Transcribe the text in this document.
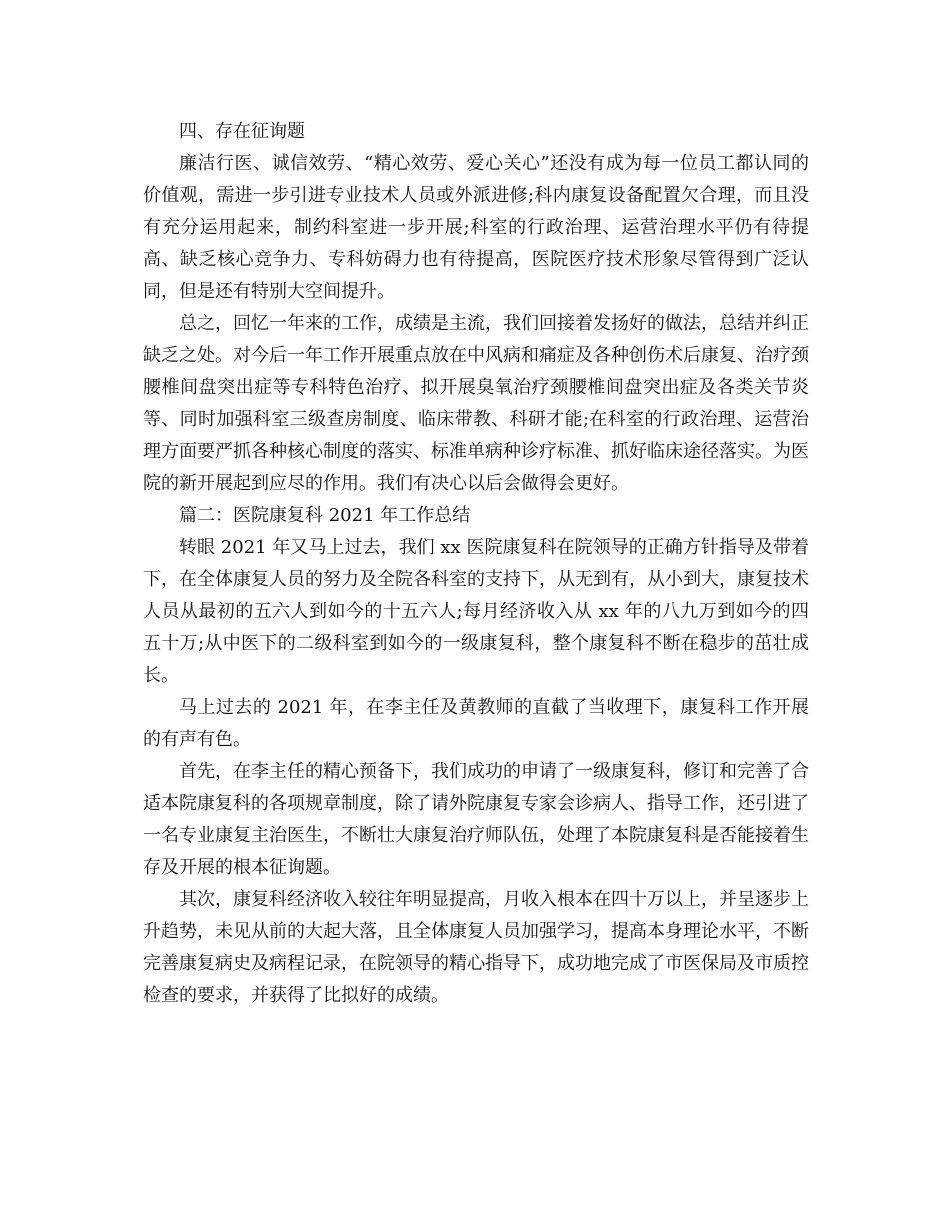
四、存在征询题

廉洁行医、诚信效劳、“精心效劳、爱心关心”还没有成为每一位员工都认同的价值观，需进一步引进专业技术人员或外派进修;科内康复设备配置欠合理，而且没有充分运用起来，制约科室进一步开展;科室的行政治理、运营治理水平仍有待提高、缺乏核心竞争力、专科妨碍力也有待提高，医院医疗技术形象尽管得到广泛认同，但是还有特别大空间提升。

总之，回忆一年来的工作，成绩是主流，我们回接着发扬好的做法，总结并纠正缺乏之处。对今后一年工作开展重点放在中风病和痛症及各种创伤术后康复、治疗颈腰椎间盘突出症等专科特色治疗、拟开展臭氧治疗颈腰椎间盘突出症及各类关节炎等、同时加强科室三级查房制度、临床带教、科研才能;在科室的行政治理、运营治理方面要严抓各种核心制度的落实、标准单病种诊疗标准、抓好临床途径落实。为医院的新开展起到应尽的作用。我们有决心以后会做得会更好。

篇二：医院康复科 2021 年工作总结

转眼 2021 年又马上过去，我们 xx 医院康复科在院领导的正确方针指导及带着下，在全体康复人员的努力及全院各科室的支持下，从无到有，从小到大，康复技术人员从最初的五六人到如今的十五六人;每月经济收入从 xx 年的八九万到如今的四五十万;从中医下的二级科室到如今的一级康复科，整个康复科不断在稳步的茁壮成长。

马上过去的 2021 年，在李主任及黄教师的直截了当收理下，康复科工作开展的有声有色。

首先，在李主任的精心预备下，我们成功的申请了一级康复科，修订和完善了合适本院康复科的各项规章制度，除了请外院康复专家会诊病人、指导工作，还引进了一名专业康复主治医生，不断壮大康复治疗师队伍，处理了本院康复科是否能接着生存及开展的根本征询题。

其次，康复科经济收入较往年明显提高，月收入根本在四十万以上，并呈逐步上升趋势，未见从前的大起大落，且全体康复人员加强学习，提高本身理论水平，不断完善康复病史及病程记录，在院领导的精心指导下，成功地完成了市医保局及市质控检查的要求，并获得了比拟好的成绩。
